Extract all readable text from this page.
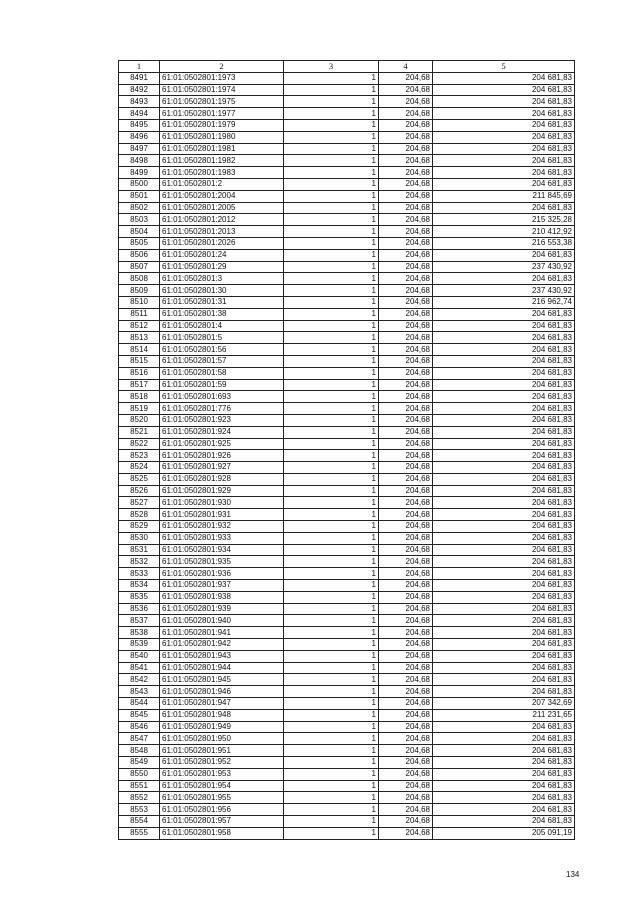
1	2	3	4	5
8491	61:01:0502801:1973	1	204,68	204 681,83
8492	61:01:0502801:1974	1	204,68	204 681,83
8493	61:01:0502801:1975	1	204,68	204 681,83
8494	61:01:0502801:1977	1	204,68	204 681,83
8495	61:01:0502801:1979	1	204,68	204 681,83
8496	61:01:0502801:1980	1	204,68	204 681,83
8497	61:01:0502801:1981	1	204,68	204 681,83
8498	61:01:0502801:1982	1	204,68	204 681,83
8499	61:01:0502801:1983	1	204,68	204 681,83
8500	61:01:0502801:2	1	204,68	204 681,83
8501	61:01:0502801:2004	1	204,68	211 845,69
8502	61:01:0502801:2005	1	204,68	204 681,83
8503	61:01:0502801:2012	1	204,68	215 325,28
8504	61:01:0502801:2013	1	204,68	210 412,92
8505	61:01:0502801:2026	1	204,68	216 553,38
8506	61:01:0502801:24	1	204,68	204 681,83
8507	61:01:0502801:29	1	204,68	237 430,92
8508	61:01:0502801:3	1	204,68	204 681,83
8509	61:01:0502801:30	1	204,68	237 430,92
8510	61:01:0502801:31	1	204,68	216 962,74
8511	61:01:0502801:38	1	204,68	204 681,83
8512	61:01:0502801:4	1	204,68	204 681,83
8513	61:01:0502801:5	1	204,68	204 681,83
8514	61:01:0502801:56	1	204,68	204 681,83
8515	61:01:0502801:57	1	204,68	204 681,83
8516	61:01:0502801:58	1	204,68	204 681,83
8517	61:01:0502801:59	1	204,68	204 681,83
8518	61:01:0502801:693	1	204,68	204 681,83
8519	61:01:0502801:776	1	204,68	204 681,83
8520	61:01:0502801:923	1	204,68	204 681,83
8521	61:01:0502801:924	1	204,68	204 681,83
8522	61:01:0502801:925	1	204,68	204 681,83
8523	61:01:0502801:926	1	204,68	204 681,83
8524	61:01:0502801:927	1	204,68	204 681,83
8525	61:01:0502801:928	1	204,68	204 681,83
8526	61:01:0502801:929	1	204,68	204 681,83
8527	61:01:0502801:930	1	204,68	204 681,83
8528	61:01:0502801:931	1	204,68	204 681,83
8529	61:01:0502801:932	1	204,68	204 681,83
8530	61:01:0502801:933	1	204,68	204 681,83
8531	61:01:0502801:934	1	204,68	204 681,83
8532	61:01:0502801:935	1	204,68	204 681,83
8533	61:01:0502801:936	1	204,68	204 681,83
8534	61:01:0502801:937	1	204,68	204 681,83
8535	61:01:0502801:938	1	204,68	204 681,83
8536	61:01:0502801:939	1	204,68	204 681,83
8537	61:01:0502801:940	1	204,68	204 681,83
8538	61:01:0502801:941	1	204,68	204 681,83
8539	61:01:0502801:942	1	204,68	204 681,83
8540	61:01:0502801:943	1	204,68	204 681,83
8541	61:01:0502801:944	1	204,68	204 681,83
8542	61:01:0502801:945	1	204,68	204 681,83
8543	61:01:0502801:946	1	204,68	204 681,83
8544	61:01:0502801:947	1	204,68	207 342,69
8545	61:01:0502801:948	1	204,68	211 231,65
8546	61:01:0502801:949	1	204,68	204 681,83
8547	61:01:0502801:950	1	204,68	204 681,83
8548	61:01:0502801:951	1	204,68	204 681,83
8549	61:01:0502801:952	1	204,68	204 681,83
8550	61:01:0502801:953	1	204,68	204 681,83
8551	61:01:0502801:954	1	204,68	204 681,83
8552	61:01:0502801:955	1	204,68	204 681,83
8553	61:01:0502801:956	1	204,68	204 681,83
8554	61:01:0502801:957	1	204,68	204 681,83
8555	61:01:0502801:958	1	204,68	205 091,19
134
